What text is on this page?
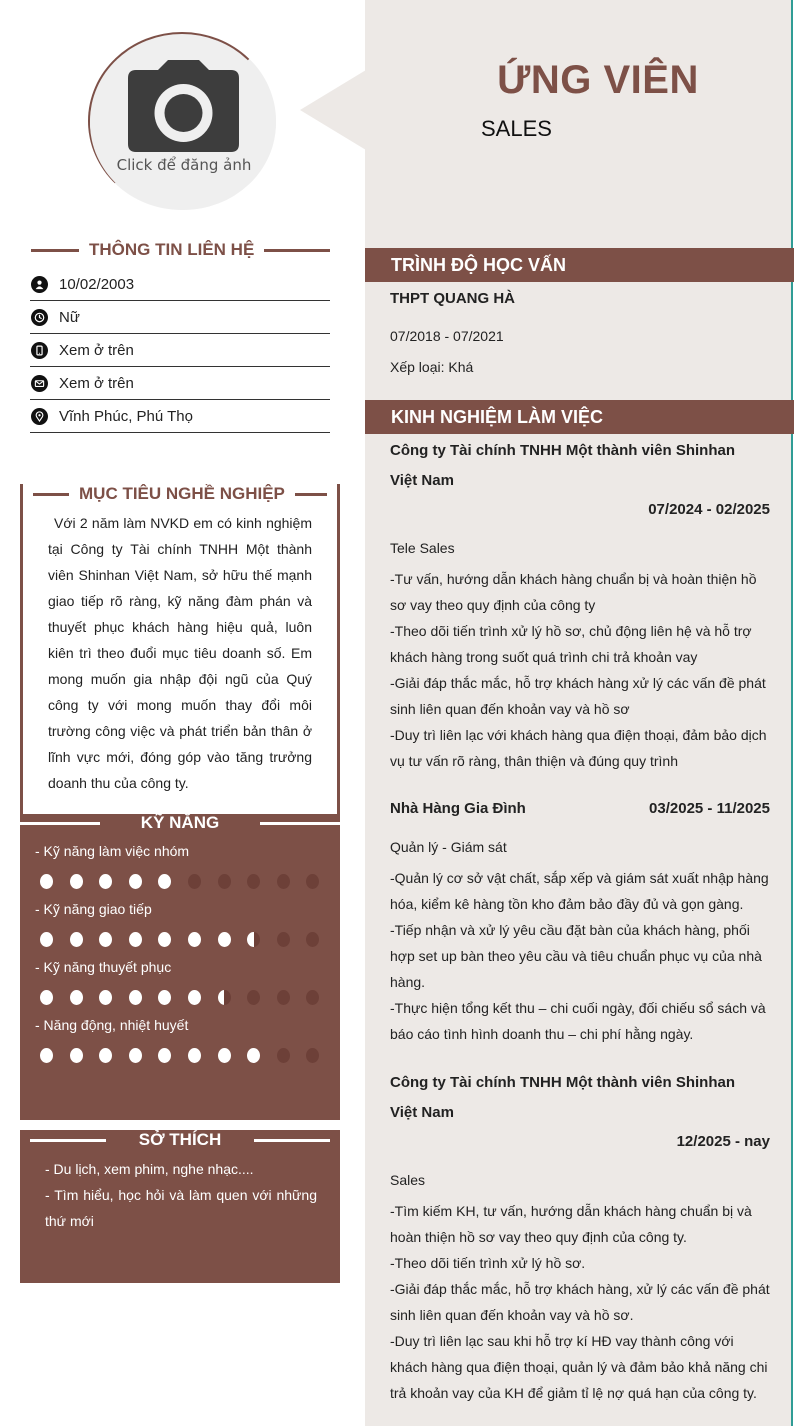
Click để đăng ảnh
ỨNG VIÊN
SALES
THÔNG TIN LIÊN HỆ
10/02/2003
Nữ
Xem ở trên
Xem ở trên
Vĩnh Phúc, Phú Thọ
MỤC TIÊU NGHỀ NGHIỆP
Với 2 năm làm NVKD em có kinh nghiệm tại Công ty Tài chính TNHH Một thành viên Shinhan Việt Nam, sở hữu thế mạnh giao tiếp rõ ràng, kỹ năng đàm phán và thuyết phục khách hàng hiệu quả, luôn kiên trì theo đuổi mục tiêu doanh số. Em mong muốn gia nhập đội ngũ của Quý công ty với mong muốn thay đổi môi trường công việc và phát triển bản thân ở lĩnh vực mới, đóng góp vào tăng trưởng doanh thu của công ty.
KỸ NĂNG
- Kỹ năng làm việc nhóm
- Kỹ năng giao tiếp
- Kỹ năng thuyết phục
- Năng động, nhiệt huyết
SỞ THÍCH
- Du lịch, xem phim, nghe nhạc....
- Tìm hiểu, học hỏi và làm quen với những thứ mới
TRÌNH ĐỘ HỌC VẤN
THPT QUANG HÀ
07/2018 - 07/2021
Xếp loại: Khá
KINH NGHIỆM LÀM VIỆC
Công ty Tài chính TNHH Một thành viên Shinhan Việt Nam
07/2024 - 02/2025
Tele Sales
-Tư vấn, hướng dẫn khách hàng chuẩn bị và hoàn thiện hồ sơ vay theo quy định của công ty
-Theo dõi tiến trình xử lý hồ sơ, chủ động liên hệ và hỗ trợ khách hàng trong suốt quá trình chi trả khoản vay
-Giải đáp thắc mắc, hỗ trợ khách hàng xử lý các vấn đề phát sinh liên quan đến khoản vay và hồ sơ
-Duy trì liên lạc với khách hàng qua điện thoại, đảm bảo dịch vụ tư vấn rõ ràng, thân thiện và đúng quy trình
Nhà Hàng Gia Đình	03/2025 - 11/2025
Quản lý - Giám sát
-Quản lý cơ sở vật chất, sắp xếp và giám sát xuất nhập hàng hóa, kiểm kê hàng tồn kho đảm bảo đầy đủ và gọn gàng.
-Tiếp nhận và xử lý yêu cầu đặt bàn của khách hàng, phối hợp set up bàn theo yêu cầu và tiêu chuẩn phục vụ của nhà hàng.
-Thực hiện tổng kết thu – chi cuối ngày, đối chiếu sổ sách và báo cáo tình hình doanh thu – chi phí hằng ngày.
Công ty Tài chính TNHH Một thành viên Shinhan Việt Nam
12/2025 - nay
Sales
-Tìm kiếm KH, tư vấn, hướng dẫn khách hàng chuẩn bị và hoàn thiện hồ sơ vay theo quy định của công ty.
-Theo dõi tiến trình xử lý hồ sơ.
-Giải đáp thắc mắc, hỗ trợ khách hàng, xử lý các vấn đề phát sinh liên quan đến khoản vay và hồ sơ.
-Duy trì liên lạc sau khi hỗ trợ kí HĐ vay thành công với khách hàng qua điện thoại, quản lý và đảm bảo khả năng chi trả khoản vay của KH để giảm tỉ lệ nợ quá hạn của công ty.
